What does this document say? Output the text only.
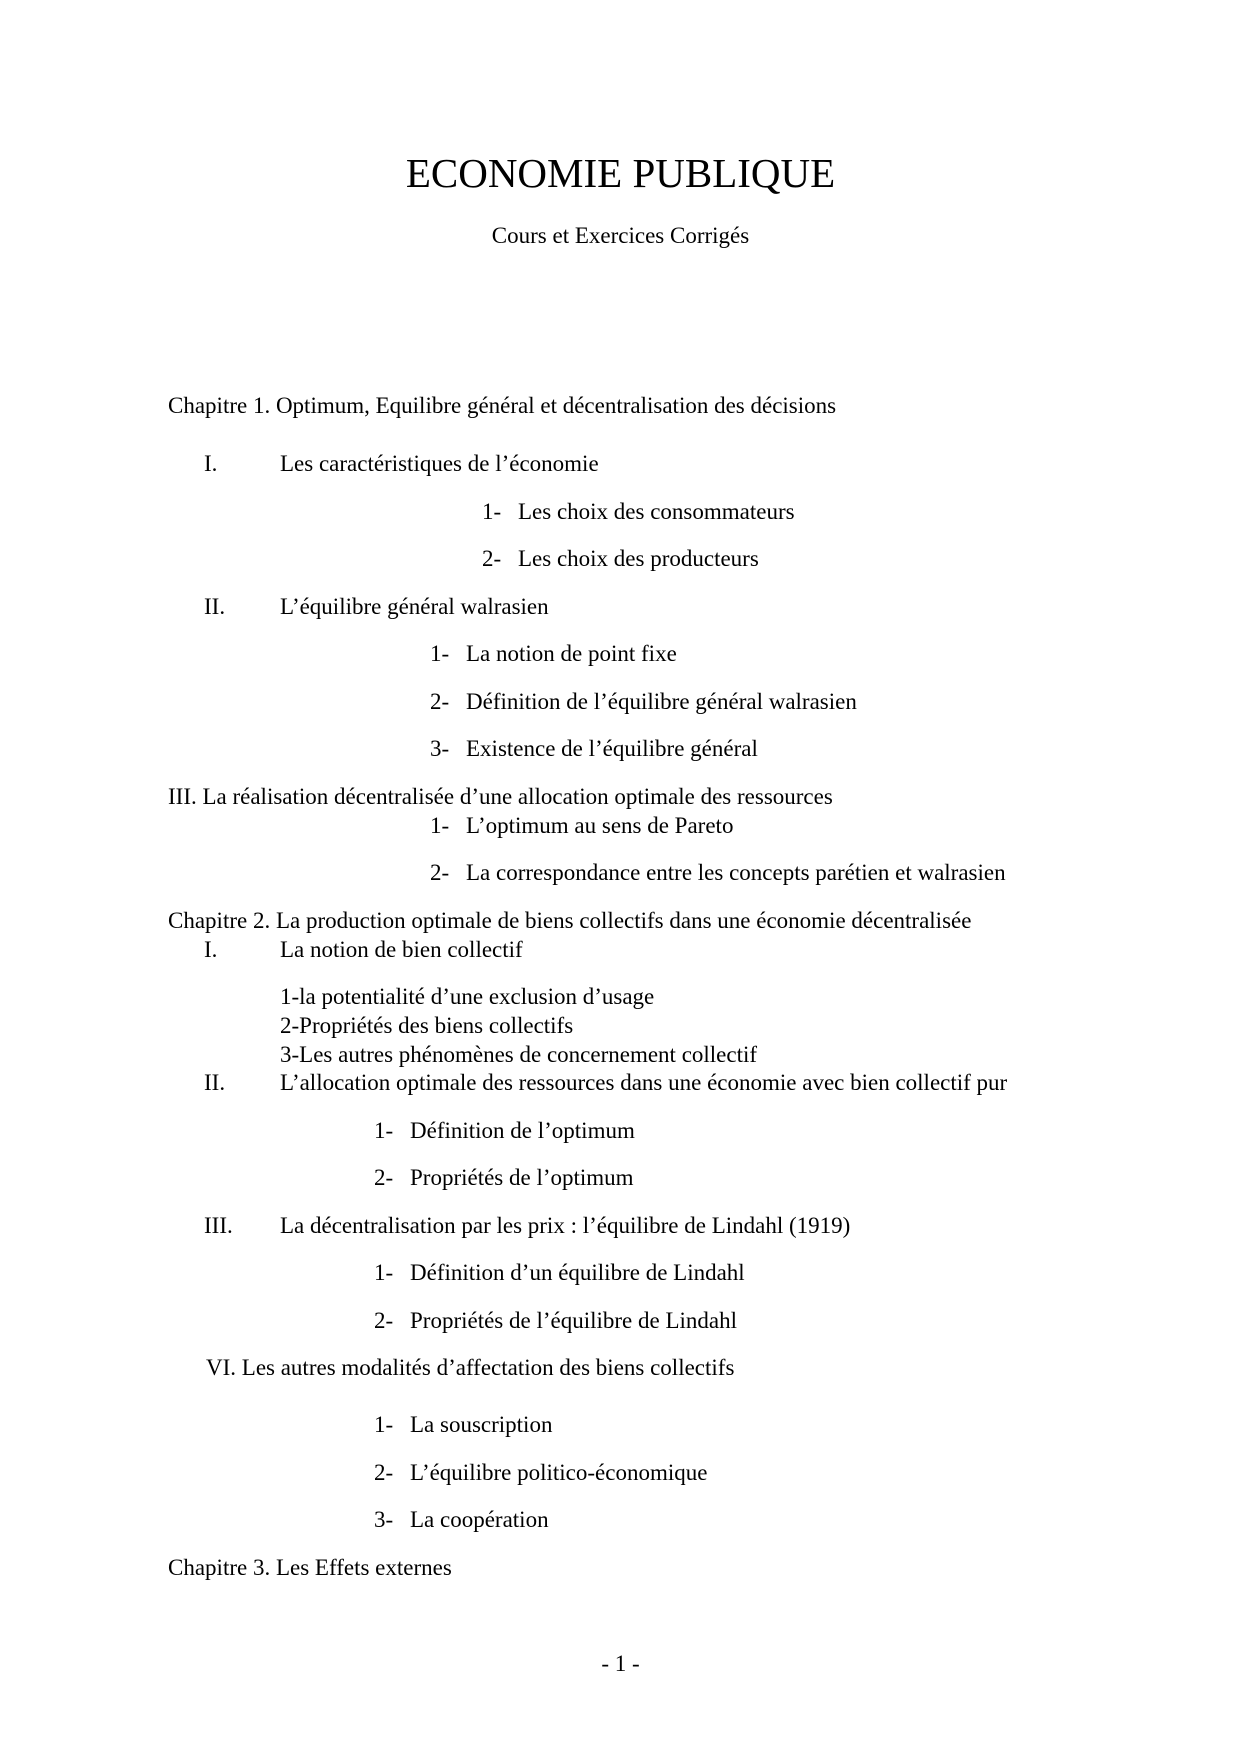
ECONOMIE PUBLIQUE
Cours et Exercices Corrigés
Chapitre 1. Optimum, Equilibre général et décentralisation des décisions
I.	Les caractéristiques de l’économie
1- Les choix des consommateurs
2- Les choix des producteurs
II. L’équilibre général walrasien
1- La notion de point fixe
2- Définition de l’équilibre général walrasien
3- Existence de l’équilibre général
III. La réalisation décentralisée d’une allocation optimale des ressources
1- L’optimum au sens de Pareto
2- La correspondance entre les concepts parétien et walrasien
Chapitre 2. La production optimale de biens collectifs dans une économie décentralisée
I.	La notion de bien collectif
1-la potentialité d’une exclusion d’usage
2-Propriétés des biens collectifs
3-Les autres phénomènes de concernement collectif
II. L’allocation optimale des ressources dans une économie avec bien collectif pur
1- Définition de l’optimum
2- Propriétés de l’optimum
III. La décentralisation par les prix : l’équilibre de Lindahl (1919)
1- Définition d’un équilibre de Lindahl
2- Propriétés de l’équilibre de Lindahl
VI. Les autres modalités d’affectation des biens collectifs
1- La souscription
2- L’équilibre politico-économique
3- La coopération
Chapitre 3. Les Effets externes
- 1 -
